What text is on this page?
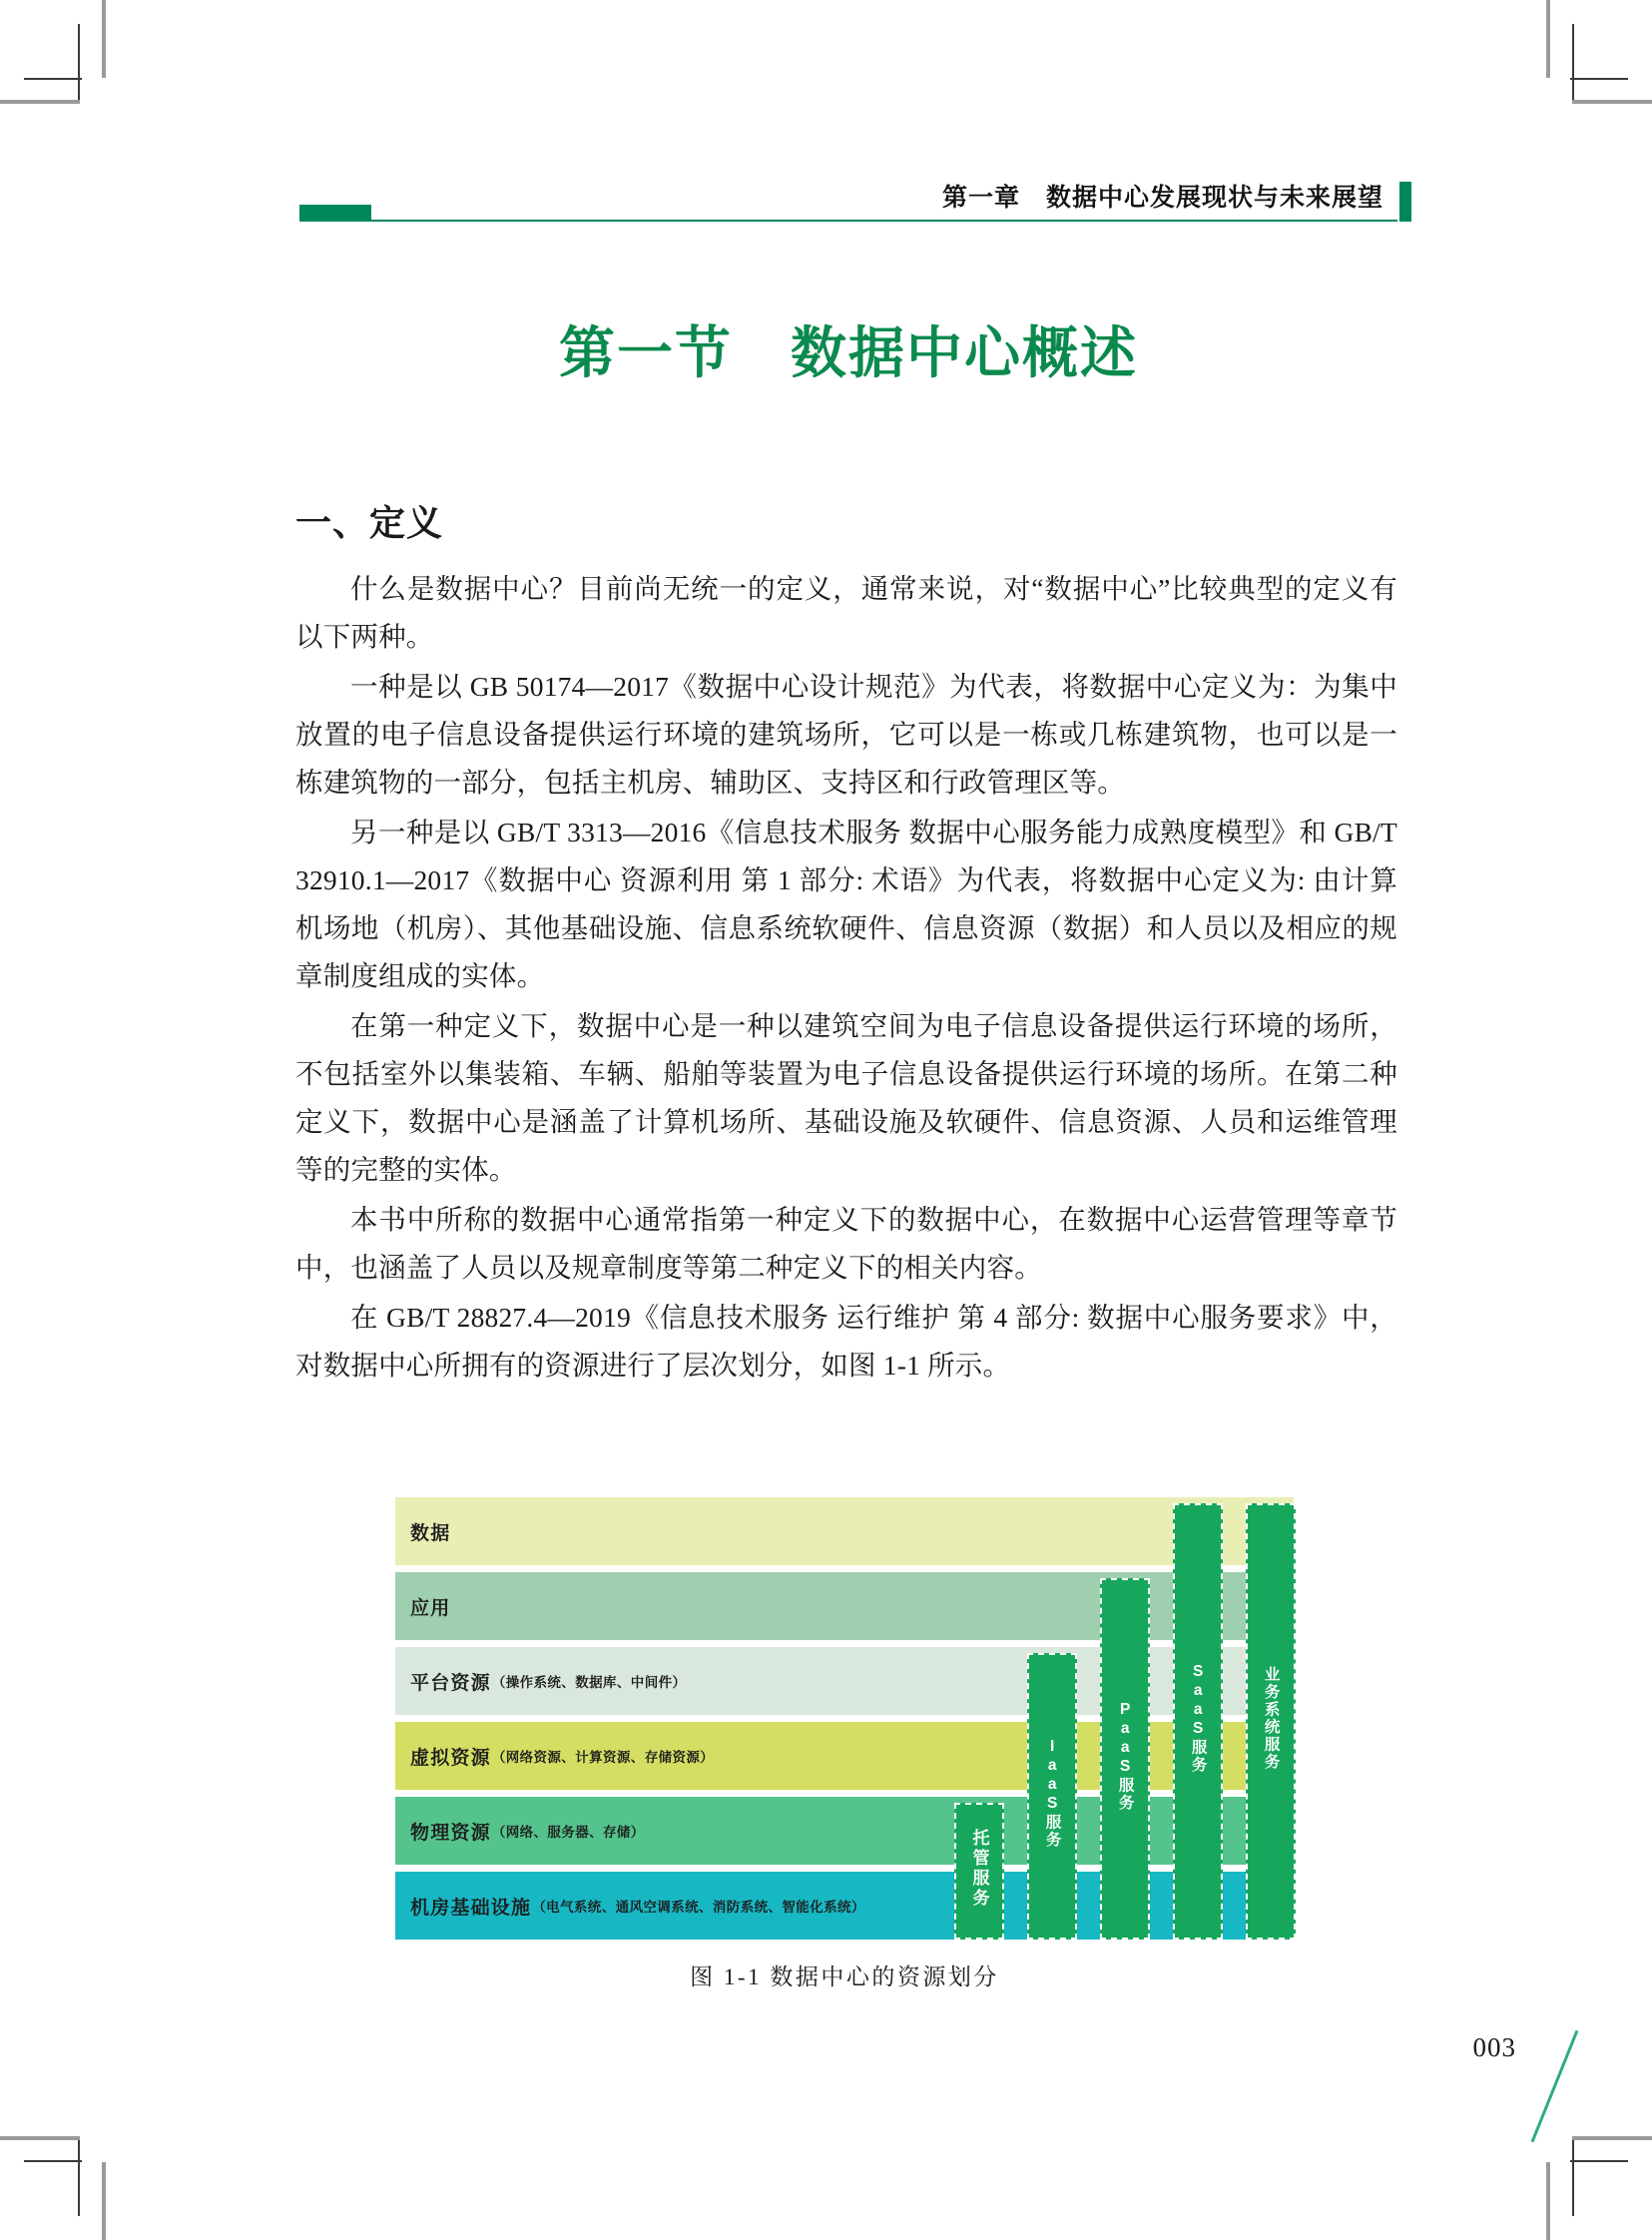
第一章　数据中心发展现状与未来展望
第一节　数据中心概述
一、定义

什么是数据中心？目前尚无统一的定义，通常来说，对“数据中心”比较典型的定义有以下两种。

一种是以 GB 50174—2017《数据中心设计规范》为代表，将数据中心定义为：为集中放置的电子信息设备提供运行环境的建筑场所，它可以是一栋或几栋建筑物，也可以是一栋建筑物的一部分，包括主机房、辅助区、支持区和行政管理区等。

另一种是以 GB/T 3313—2016《信息技术服务 数据中心服务能力成熟度模型》和 GB/T 32910.1—2017《数据中心 资源利用 第 1 部分: 术语》为代表，将数据中心定义为: 由计算机场地（机房）、其他基础设施、信息系统软硬件、信息资源（数据）和人员以及相应的规章制度组成的实体。

在第一种定义下，数据中心是一种以建筑空间为电子信息设备提供运行环境的场所，不包括室外以集装箱、车辆、船舶等装置为电子信息设备提供运行环境的场所。在第二种定义下，数据中心是涵盖了计算机场所、基础设施及软硬件、信息资源、人员和运维管理等的完整的实体。

本书中所称的数据中心通常指第一种定义下的数据中心，在数据中心运营管理等章节中，也涵盖了人员以及规章制度等第二种定义下的相关内容。

在 GB/T 28827.4—2019《信息技术服务 运行维护 第 4 部分: 数据中心服务要求》中，对数据中心所拥有的资源进行了层次划分，如图 1-1 所示。

数据
应用
平台资源 （操作系统、数据库、中间件）
虚拟资源 （网络资源、计算资源、存储资源）
物理资源 （网络、服务器、存储）
机房基础设施 （电气系统、通风空调系统、消防系统、智能化系统）	托管服务
IaaS服务	PaaS服务	SaaS服务	业务系统服务
图 1-1 数据中心的资源划分
003
